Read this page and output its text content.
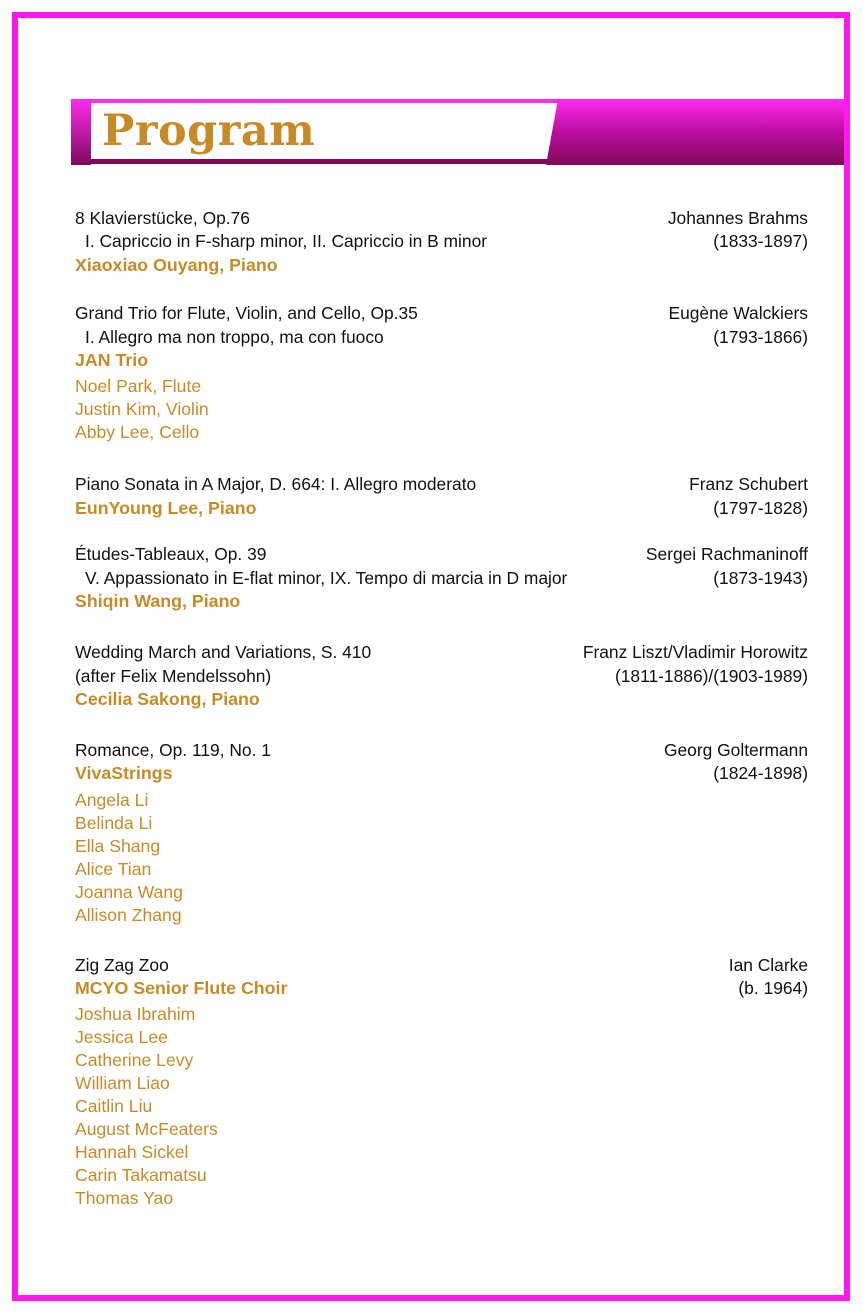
Program
8 Klavierstücke, Op.76
I. Capriccio in F-sharp minor, II. Capriccio in B minor
Johannes Brahms
(1833-1897)
Xiaoxiao Ouyang, Piano
Grand Trio for Flute, Violin, and Cello, Op.35
I. Allegro ma non troppo, ma con fuoco
Eugène Walckiers
(1793-1866)
JAN Trio
Noel Park, Flute
Justin Kim, Violin
Abby Lee, Cello
Piano Sonata in A Major, D. 664: I. Allegro moderato
EunYoung Lee, Piano
Franz Schubert
(1797-1828)
Études-Tableaux, Op. 39
V. Appassionato in E-flat minor, IX. Tempo di marcia in D major
Sergei Rachmaninoff
(1873-1943)
Shiqin Wang, Piano
Wedding March and Variations, S. 410
(after Felix Mendelssohn)
Franz Liszt/Vladimir Horowitz
(1811-1886)/(1903-1989)
Cecilia Sakong, Piano
Romance, Op. 119, No. 1
VivaStrings
Georg Goltermann
(1824-1898)
Angela Li
Belinda Li
Ella Shang
Alice Tian
Joanna Wang
Allison Zhang
Zig Zag Zoo
MCYO Senior Flute Choir
Ian Clarke
(b. 1964)
Joshua Ibrahim
Jessica Lee
Catherine Levy
William Liao
Caitlin Liu
August McFeaters
Hannah Sickel
Carin Takamatsu
Thomas Yao
